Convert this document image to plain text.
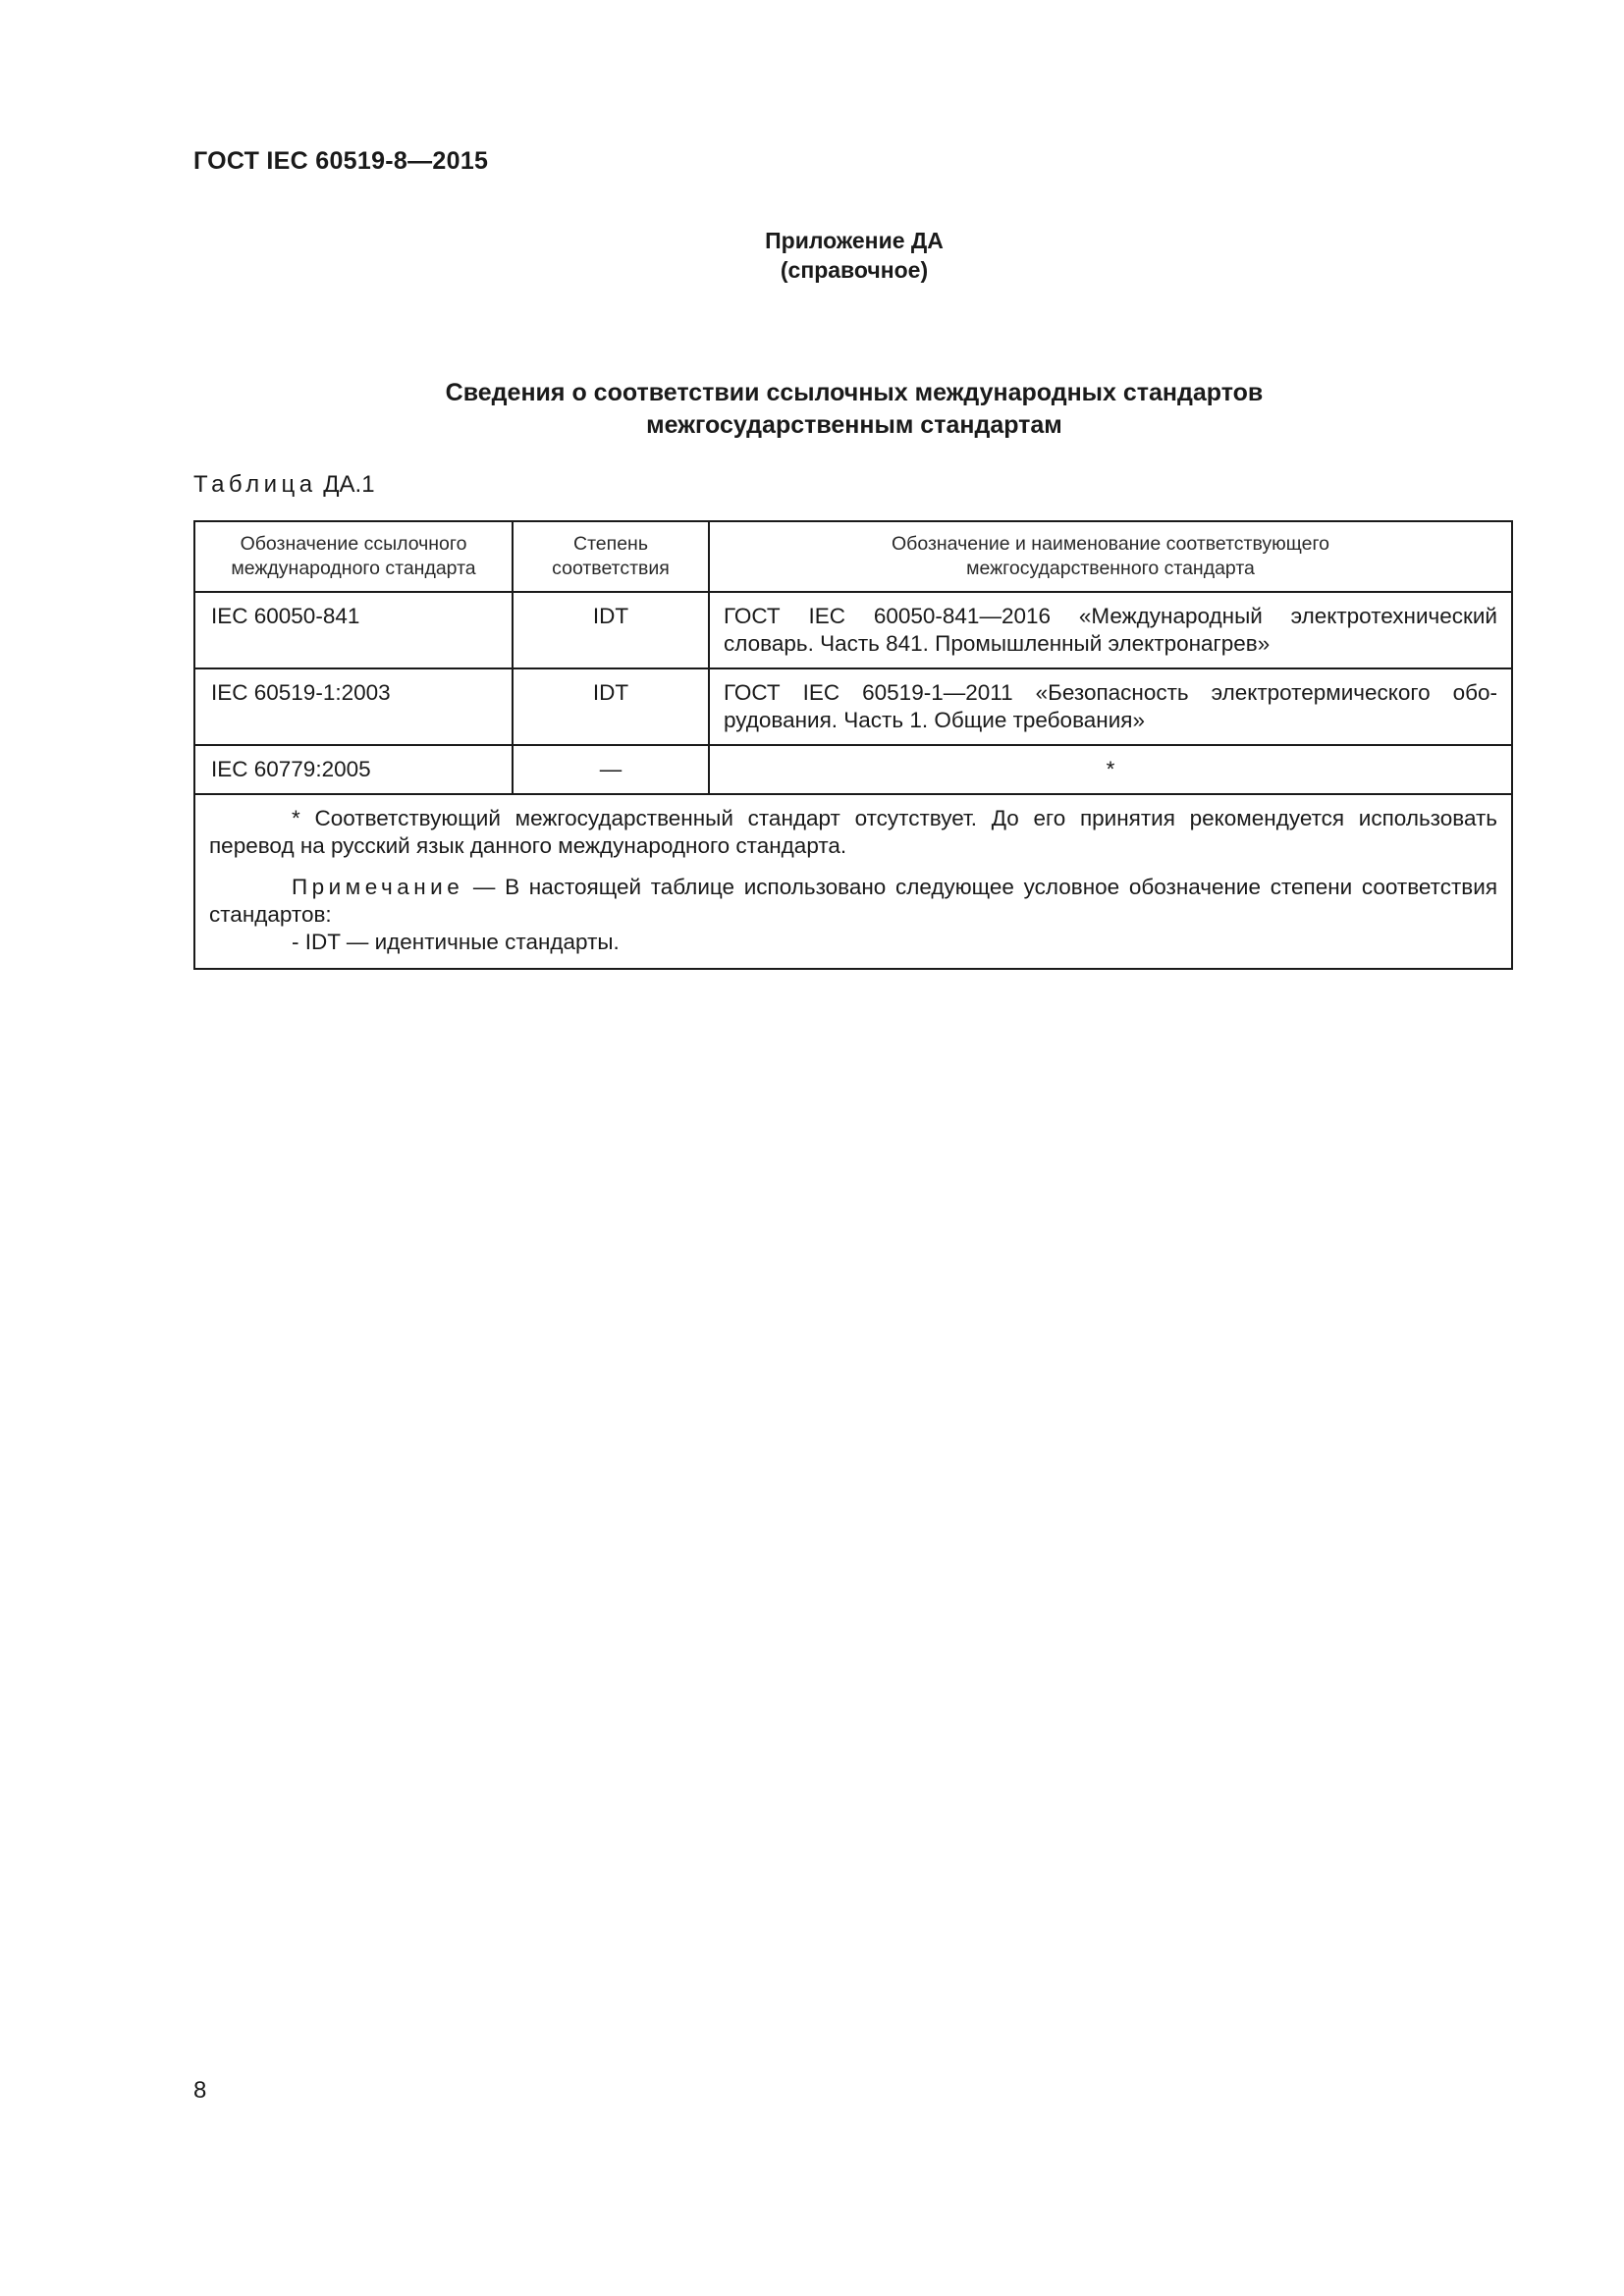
ГОСТ IEC 60519-8—2015
Приложение ДА
(справочное)
Сведения о соответствии ссылочных международных стандартов
межгосударственным стандартам
Таблица ДА.1
Обозначение ссылочного международного стандарта	Степень соответствия	Обозначение и наименование соответствующего межгосударственного стандарта
IEC 60050-841	IDT	ГОСТ IEC 60050-841—2016 «Международный электротехнический словарь. Часть 841. Промышленный электронагрев»
IEC 60519-1:2003	IDT	ГОСТ IEC 60519-1—2011 «Безопасность электротермического оборудования. Часть 1. Общие требования»
IEC 60779:2005	—	*

* Соответствующий межгосударственный стандарт отсутствует. До его принятия рекомендуется использовать перевод на русский язык данного международного стандарта.

Примечание — В настоящей таблице использовано следующее условное обозначение степени соответствия стандартов:

- IDT — идентичные стандарты.		

8
